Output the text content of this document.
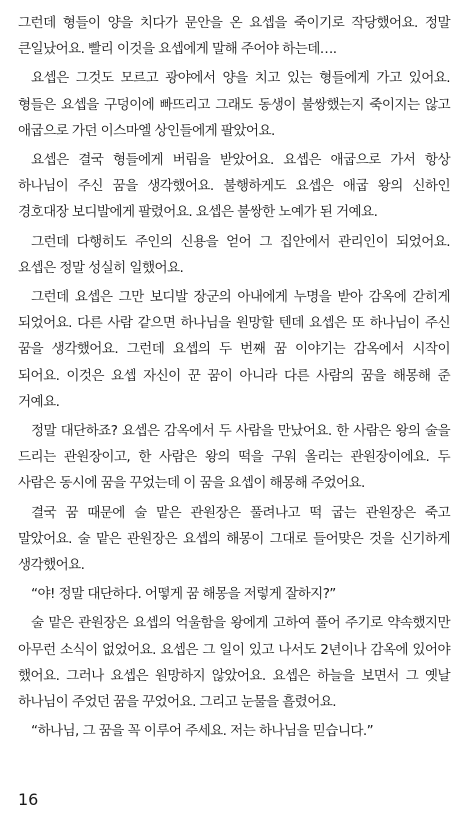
그런데 형들이 양을 치다가 문안을 온 요셉을 죽이기로 작당했어요. 정말 큰일났어요. 빨리 이것을 요셉에게 말해 주어야 하는데….

요셉은 그것도 모르고 광야에서 양을 치고 있는 형들에게 가고 있어요. 형들은 요셉을 구덩이에 빠뜨리고 그래도 동생이 불쌍했는지 죽이지는 않고 애굽으로 가던 이스마엘 상인들에게 팔았어요.

요셉은 결국 형들에게 버림을 받았어요. 요셉은 애굽으로 가서 항상 하나님이 주신 꿈을 생각했어요. 불행하게도 요셉은 애굽 왕의 신하인 경호대장 보디발에게 팔렸어요. 요셉은 불쌍한 노예가 된 거예요.

그런데 다행히도 주인의 신용을 얻어 그 집안에서 관리인이 되었어요. 요셉은 정말 성실히 일했어요.

그런데 요셉은 그만 보디발 장군의 아내에게 누명을 받아 감옥에 갇히게 되었어요. 다른 사람 같으면 하나님을 원망할 텐데 요셉은 또 하나님이 주신 꿈을 생각했어요. 그런데 요셉의 두 번째 꿈 이야기는 감옥에서 시작이 되어요. 이것은 요셉 자신이 꾼 꿈이 아니라 다른 사람의 꿈을 해몽해 준 거예요.

정말 대단하죠? 요셉은 감옥에서 두 사람을 만났어요. 한 사람은 왕의 술을 드리는 관원장이고, 한 사람은 왕의 떡을 구워 올리는 관원장이에요. 두 사람은 동시에 꿈을 꾸었는데 이 꿈을 요셉이 해몽해 주었어요.

결국 꿈 때문에 술 맡은 관원장은 풀려나고 떡 굽는 관원장은 죽고 말았어요. 술 맡은 관원장은 요셉의 해몽이 그대로 들어맞은 것을 신기하게 생각했어요.

“야! 정말 대단하다. 어떻게 꿈 해몽을 저렇게 잘하지?”

술 맡은 관원장은 요셉의 억울함을 왕에게 고하여 풀어 주기로 약속했지만 아무런 소식이 없었어요. 요셉은 그 일이 있고 나서도 2년이나 감옥에 있어야 했어요. 그러나 요셉은 원망하지 않았어요. 요셉은 하늘을 보면서 그 옛날 하나님이 주었던 꿈을 꾸었어요. 그리고 눈물을 흘렸어요.

“하나님, 그 꿈을 꼭 이루어 주세요. 저는 하나님을 믿습니다.”

16
